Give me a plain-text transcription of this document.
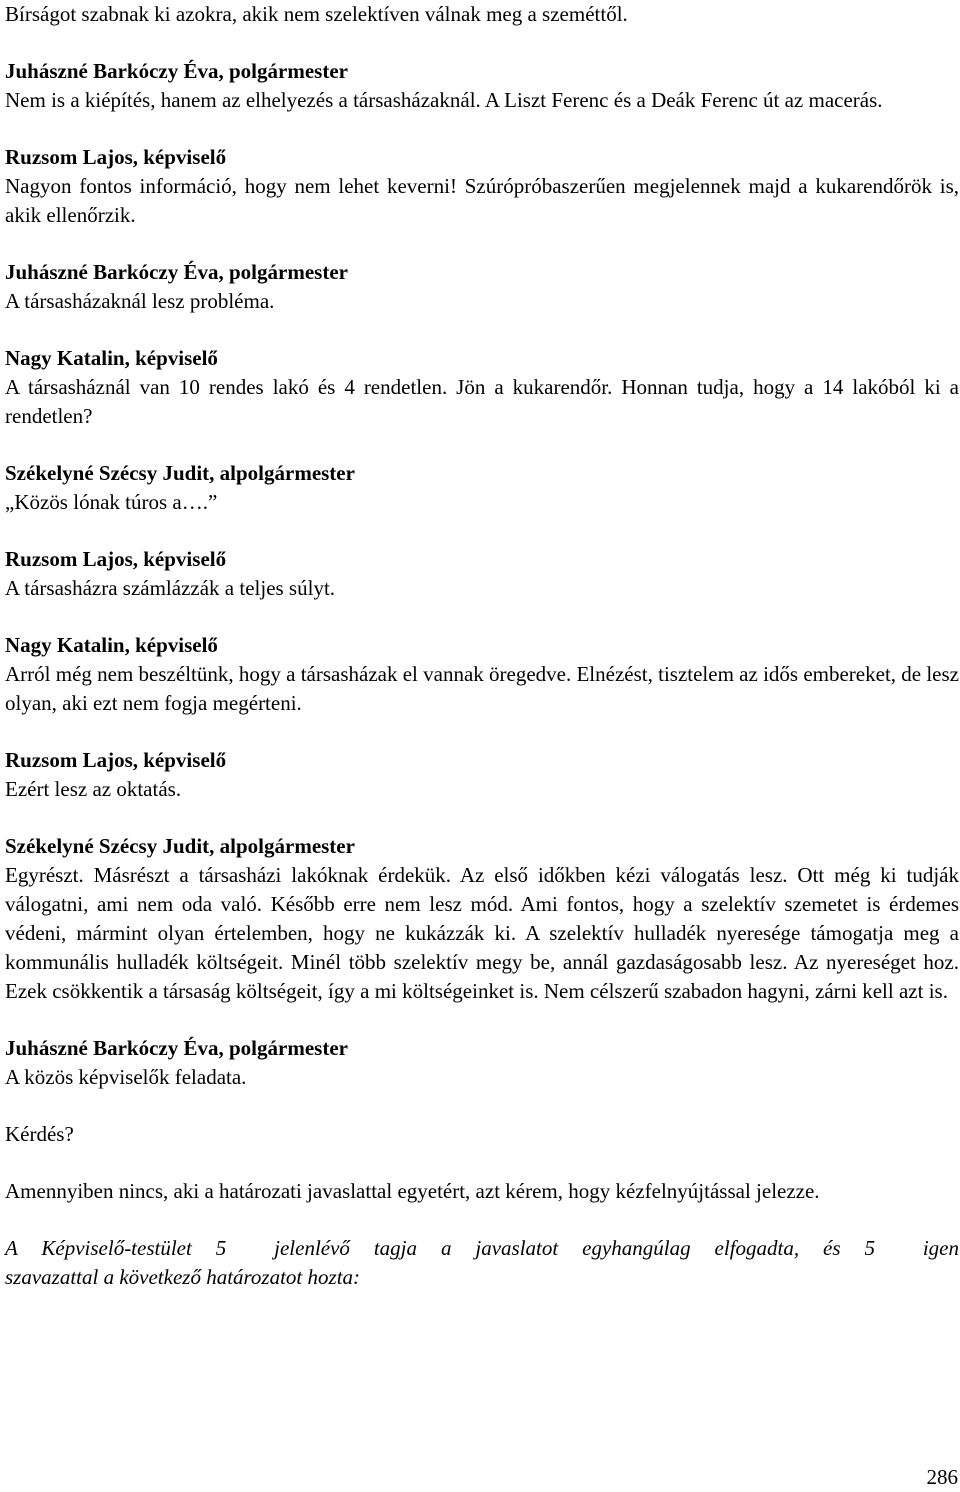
Bírságot szabnak ki azokra, akik nem szelektíven válnak meg a szeméttől.

Juhászné Barkóczy Éva, polgármester

Nem is a kiépítés, hanem az elhelyezés a társasházaknál. A Liszt Ferenc és a Deák Ferenc út az macerás.

Ruzsom Lajos, képviselő

Nagyon fontos információ, hogy nem lehet keverni! Szúrópróbaszerűen megjelennek majd a kukarendőrök is, akik ellenőrzik.

Juhászné Barkóczy Éva, polgármester

A társasházaknál lesz probléma.

Nagy Katalin, képviselő

A társasháznál van 10 rendes lakó és 4 rendetlen. Jön a kukarendőr. Honnan tudja, hogy a 14 lakóból ki a rendetlen?

Székelyné Szécsy Judit, alpolgármester

„Közös lónak túros a….”

Ruzsom Lajos, képviselő

A társasházra számlázzák a teljes súlyt.

Nagy Katalin, képviselő

Arról még nem beszéltünk, hogy a társasházak el vannak öregedve. Elnézést, tisztelem az idős embereket, de lesz olyan, aki ezt nem fogja megérteni.

Ruzsom Lajos, képviselő

Ezért lesz az oktatás.

Székelyné Szécsy Judit, alpolgármester

Egyrészt. Másrészt a társasházi lakóknak érdekük. Az első időkben kézi válogatás lesz. Ott még ki tudják válogatni, ami nem oda való. Később erre nem lesz mód. Ami fontos, hogy a szelektív szemetet is érdemes védeni, mármint olyan értelemben, hogy ne kukázzák ki. A szelektív hulladék nyeresége támogatja meg a kommunális hulladék költségeit. Minél több szelektív megy be, annál gazdaságosabb lesz. Az nyereséget hoz. Ezek csökkentik a társaság költségeit, így a mi költségeinket is. Nem célszerű szabadon hagyni, zárni kell azt is.

Juhászné Barkóczy Éva, polgármester

A közös képviselők feladata.

Kérdés?

Amennyiben nincs, aki a határozati javaslattal egyetért, azt kérem, hogy kézfelnyújtással jelezze.

A Képviselő-testület 5  jelenlévő tagja a javaslatot egyhangúlag elfogadta, és 5  igen

szavazattal a következő határozatot hozta:

286
